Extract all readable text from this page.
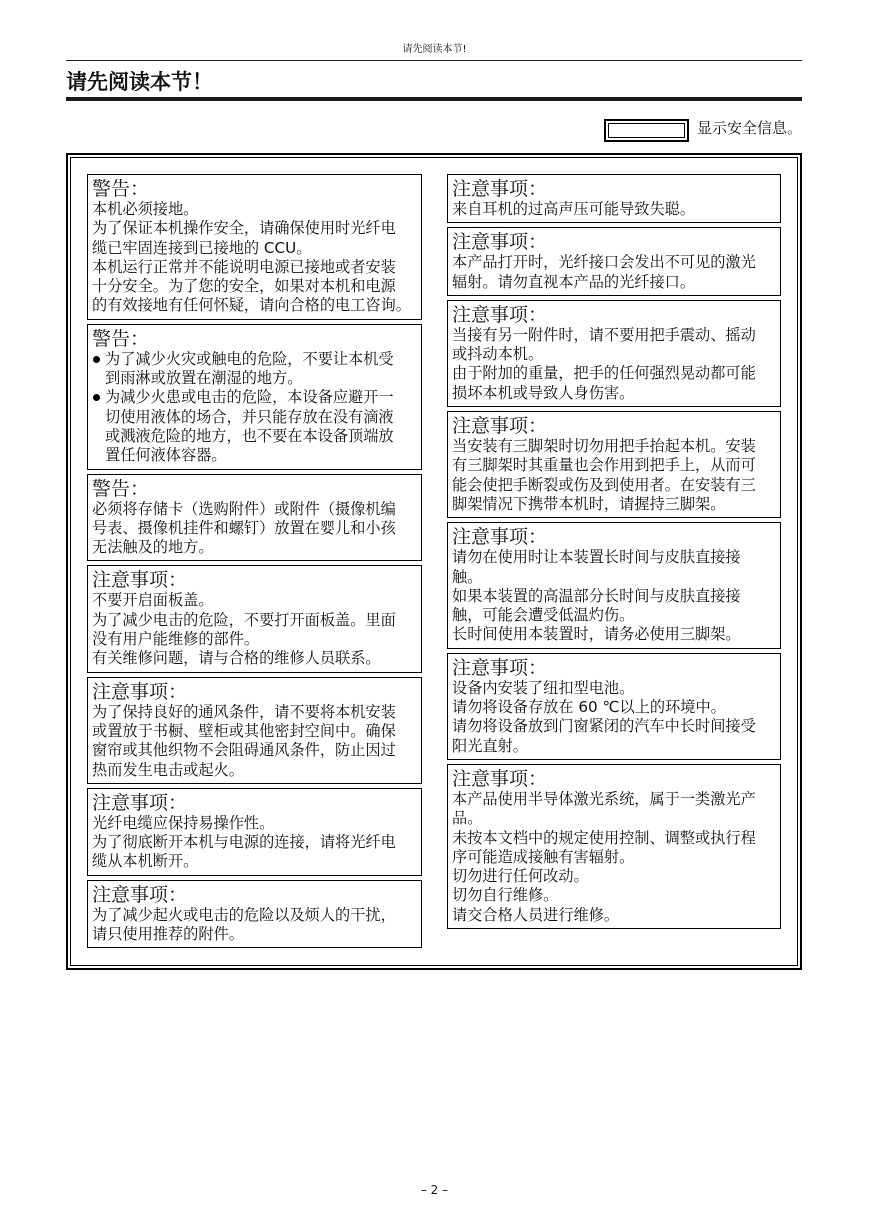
请先阅读本节!
请先阅读本节！
显示安全信息。
警告：
本机必须接地。
为了保证本机操作安全，请确保使用时光纤电
缆已牢固连接到已接地的 CCU。
本机运行正常并不能说明电源已接地或者安装
十分安全。为了您的安全，如果对本机和电源
的有效接地有任何怀疑，请向合格的电工咨询。
警告：
为了减少火灾或触电的危险，不要让本机受
到雨淋或放置在潮湿的地方。
为减少火患或电击的危险，本设备应避开一
切使用液体的场合，并只能存放在没有滴液
或溅液危险的地方，也不要在本设备顶端放
置任何液体容器。
警告：
必须将存储卡（选购附件）或附件（摄像机编
号表、摄像机挂件和螺钉）放置在婴儿和小孩
无法触及的地方。
注意事项：
不要开启面板盖。
为了减少电击的危险，不要打开面板盖。里面
没有用户能维修的部件。
有关维修问题，请与合格的维修人员联系。
注意事项：
为了保持良好的通风条件，请不要将本机安装
或置放于书橱、壁柜或其他密封空间中。确保
窗帘或其他织物不会阻碍通风条件，防止因过
热而发生电击或起火。
注意事项：
光纤电缆应保持易操作性。
为了彻底断开本机与电源的连接，请将光纤电
缆从本机断开。
注意事项：
为了减少起火或电击的危险以及烦人的干扰，
请只使用推荐的附件。
注意事项：
来自耳机的过高声压可能导致失聪。
注意事项：
本产品打开时，光纤接口会发出不可见的激光
辐射。请勿直视本产品的光纤接口。
注意事项：
当接有另一附件时，请不要用把手震动、摇动
或抖动本机。
由于附加的重量，把手的任何强烈晃动都可能
损坏本机或导致人身伤害。
注意事项：
当安装有三脚架时切勿用把手抬起本机。安装
有三脚架时其重量也会作用到把手上，从而可
能会使把手断裂或伤及到使用者。在安装有三
脚架情况下携带本机时，请握持三脚架。
注意事项：
请勿在使用时让本装置长时间与皮肤直接接
触。
如果本装置的高温部分长时间与皮肤直接接
触，可能会遭受低温灼伤。
长时间使用本装置时，请务必使用三脚架。
注意事项：
设备内安装了纽扣型电池。
请勿将设备存放在 60 ℃以上的环境中。
请勿将设备放到门窗紧闭的汽车中长时间接受
阳光直射。
注意事项：
本产品使用半导体激光系统，属于一类激光产
品。
未按本文档中的规定使用控制、调整或执行程
序可能造成接触有害辐射。
切勿进行任何改动。
切勿自行维修。
请交合格人员进行维修。
– 2 –
